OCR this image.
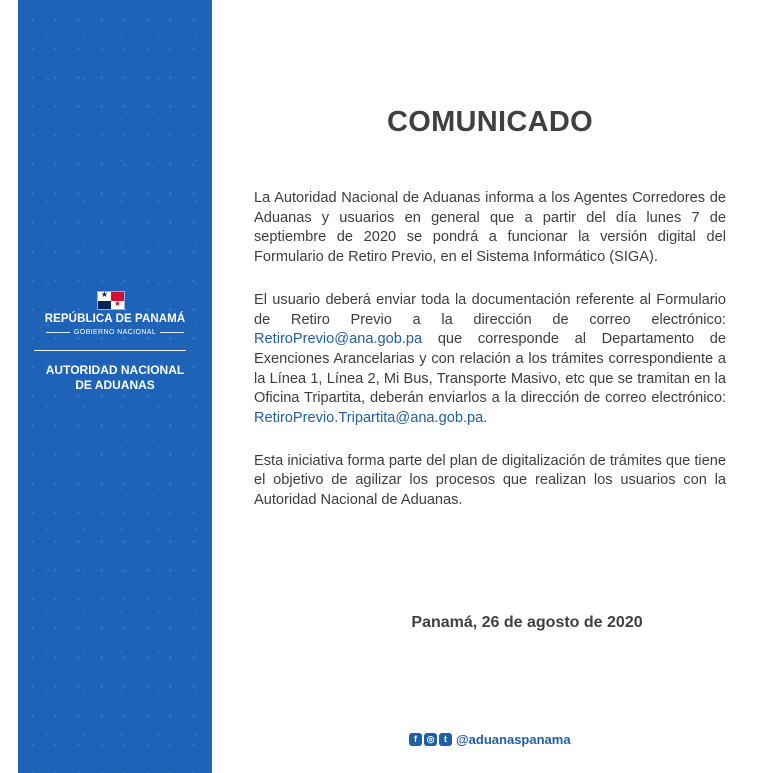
★
★
REPÚBLICA DE PANAMÁ
GOBIERNO NACIONAL
AUTORIDAD NACIONAL
DE ADUANAS
COMUNICADO

La Autoridad Nacional de Aduanas informa a los Agentes Corredores de Aduanas y usuarios en general que a partir del día lunes 7 de septiembre de 2020 se pondrá a funcionar la versión digital del Formulario de Retiro Previo, en el Sistema Informático (SIGA).

El usuario deberá enviar toda la documentación referente al Formulario de Retiro Previo a la dirección de correo electrónico: RetiroPrevio@ana.gob.pa que corresponde al Departamento de Exenciones Arancelarias y con relación a los trámites correspondiente a la Línea 1, Línea 2, Mi Bus, Transporte Masivo, etc que se tramitan en la Oficina Tripartita, deberán enviarlos a la dirección de correo electrónico: RetiroPrevio.Tripartita@ana.gob.pa.

Esta iniciativa forma parte del plan de digitalización de trámites que tiene el objetivo de agilizar los procesos que realizan los usuarios con la Autoridad Nacional de Aduanas.

Panamá, 26 de agosto de 2020
f	◎	t @aduanaspanama
